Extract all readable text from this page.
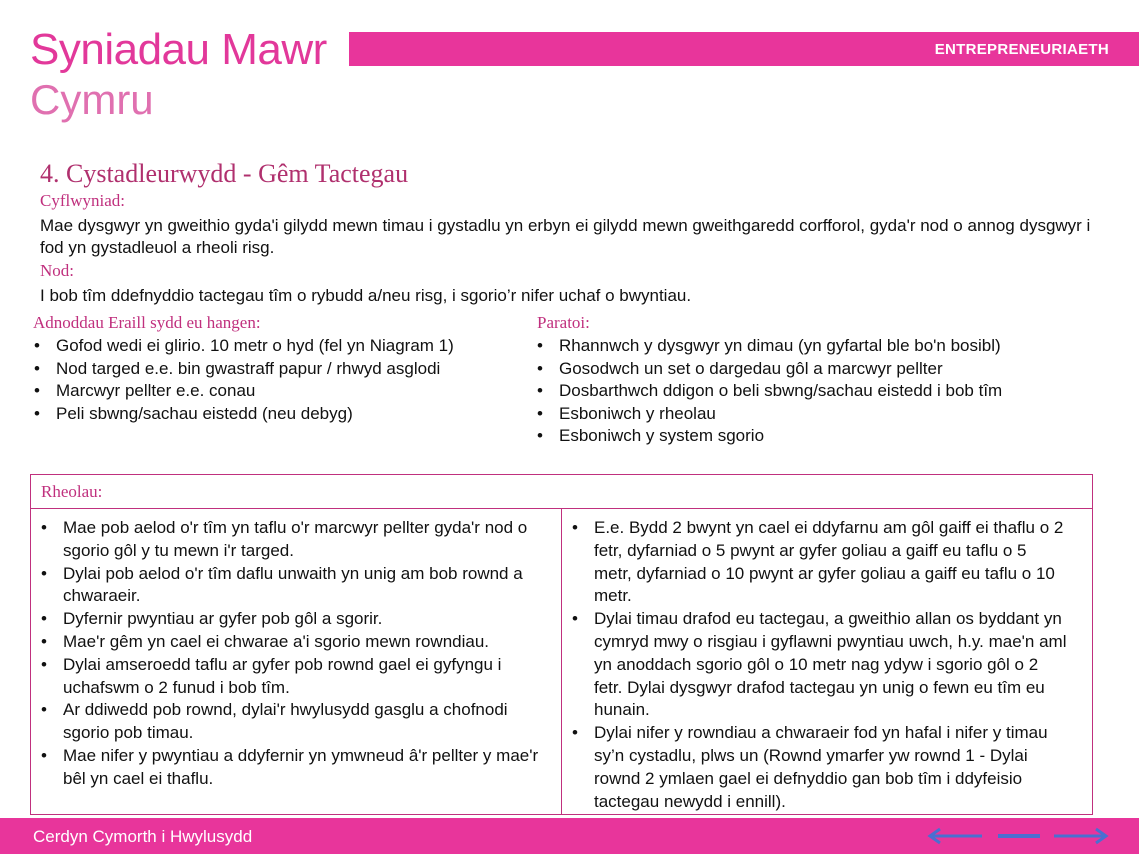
Syniadau Mawr
Cymru
ENTREPRENEURIAETH
4. Cystadleurwydd - Gêm Tactegau
Cyflwyniad:
Mae dysgwyr yn gweithio gyda'i gilydd mewn timau i gystadlu yn erbyn ei gilydd mewn gweithgaredd corfforol, gyda'r nod o annog dysgwyr i fod yn gystadleuol a rheoli risg.
Nod:
I bob tîm ddefnyddio tactegau tîm o rybudd a/neu risg, i sgorio’r nifer uchaf o bwyntiau.
Adnoddau Eraill sydd eu hangen:
• Gofod wedi ei glirio. 10 metr o hyd (fel yn Niagram 1)
• Nod targed e.e. bin gwastraff papur / rhwyd asglodi
• Marcwyr pellter e.e. conau
• Peli sbwng/sachau eistedd (neu debyg)
Paratoi:
• Rhannwch y dysgwyr yn dimau (yn gyfartal ble bo'n bosibl)
• Gosodwch un set o dargedau gôl a marcwyr pellter
• Dosbarthwch ddigon o beli sbwng/sachau eistedd i bob tîm
• Esboniwch y rheolau
• Esboniwch y system sgorio
Rheolau:
• Mae pob aelod o'r tîm yn taflu o'r marcwyr pellter gyda'r nod o sgorio gôl y tu mewn i'r targed.
• Dylai pob aelod o'r tîm daflu unwaith yn unig am bob rownd a chwaraeir.
• Dyfernir pwyntiau ar gyfer pob gôl a sgorir.
• Mae'r gêm yn cael ei chwarae a'i sgorio mewn rowndiau.
• Dylai amseroedd taflu ar gyfer pob rownd gael ei gyfyngu i uchafswm o 2 funud i bob tîm.
• Ar ddiwedd pob rownd, dylai'r hwylusydd gasglu a chofnodi sgorio pob timau.
• Mae nifer y pwyntiau a ddyfernir yn ymwneud â'r pellter y mae'r bêl yn cael ei thaflu.
• E.e. Bydd 2 bwynt yn cael ei ddyfarnu am gôl gaiff ei thaflu o 2 fetr, dyfarniad o 5 pwynt ar gyfer goliau a gaiff eu taflu o 5 metr, dyfarniad o 10 pwynt ar gyfer goliau a gaiff eu taflu o 10 metr.
• Dylai timau drafod eu tactegau, a gweithio allan os byddant yn cymryd mwy o risgiau i gyflawni pwyntiau uwch, h.y. mae'n aml yn anoddach sgorio gôl o 10 metr nag ydyw i sgorio gôl o 2 fetr. Dylai dysgwyr drafod tactegau yn unig o fewn eu tîm eu hunain.
• Dylai nifer y rowndiau a chwaraeir fod yn hafal i nifer y timau sy’n cystadlu, plws un (Rownd ymarfer yw rownd 1 - Dylai rownd 2 ymlaen gael ei defnyddio gan bob tîm i ddyfeisio tactegau newydd i ennill).
Cerdyn Cymorth i Hwylusydd
